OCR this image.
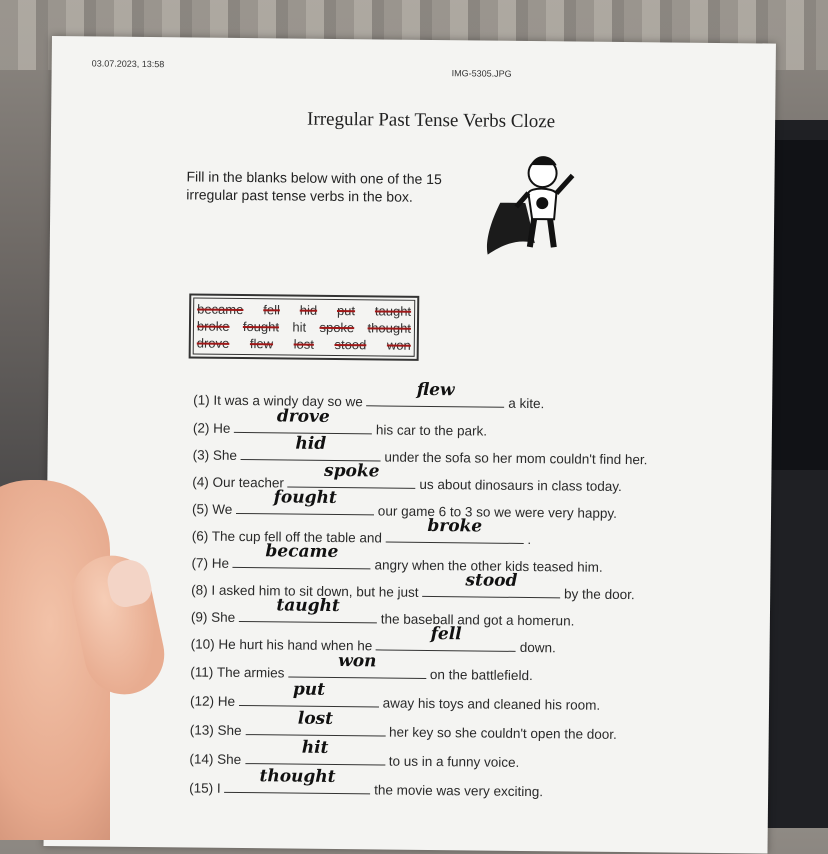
03.07.2023, 13:58
IMG-5305.JPG
Irregular Past Tense Verbs Cloze
Fill in the blanks below with one of the 15 irregular past tense verbs in the box.
became fell hid put taught
broke fought hit spoke thought
drove flew lost stood won
(1) It was a windy day so we
flew
a kite.
(2) He
drove
his car to the park.
(3) She
hid
under the sofa so her mom couldn't find her.
(4) Our teacher
spoke
us about dinosaurs in class today.
(5) We
fought
our game 6 to 3 so we were very happy.
(6) The cup fell off the table and
broke
.
(7) He
became
angry when the other kids teased him.
(8) I asked him to sit down, but he just
stood
by the door.
(9) She
taught
the baseball and got a homerun.
(10) He hurt his hand when he
fell
down.
(11) The armies
won
on the battlefield.
(12) He
put
away his toys and cleaned his room.
(13) She
lost
her key so she couldn't open the door.
(14) She
hit
to us in a funny voice.
(15) I
thought
the movie was very exciting.
